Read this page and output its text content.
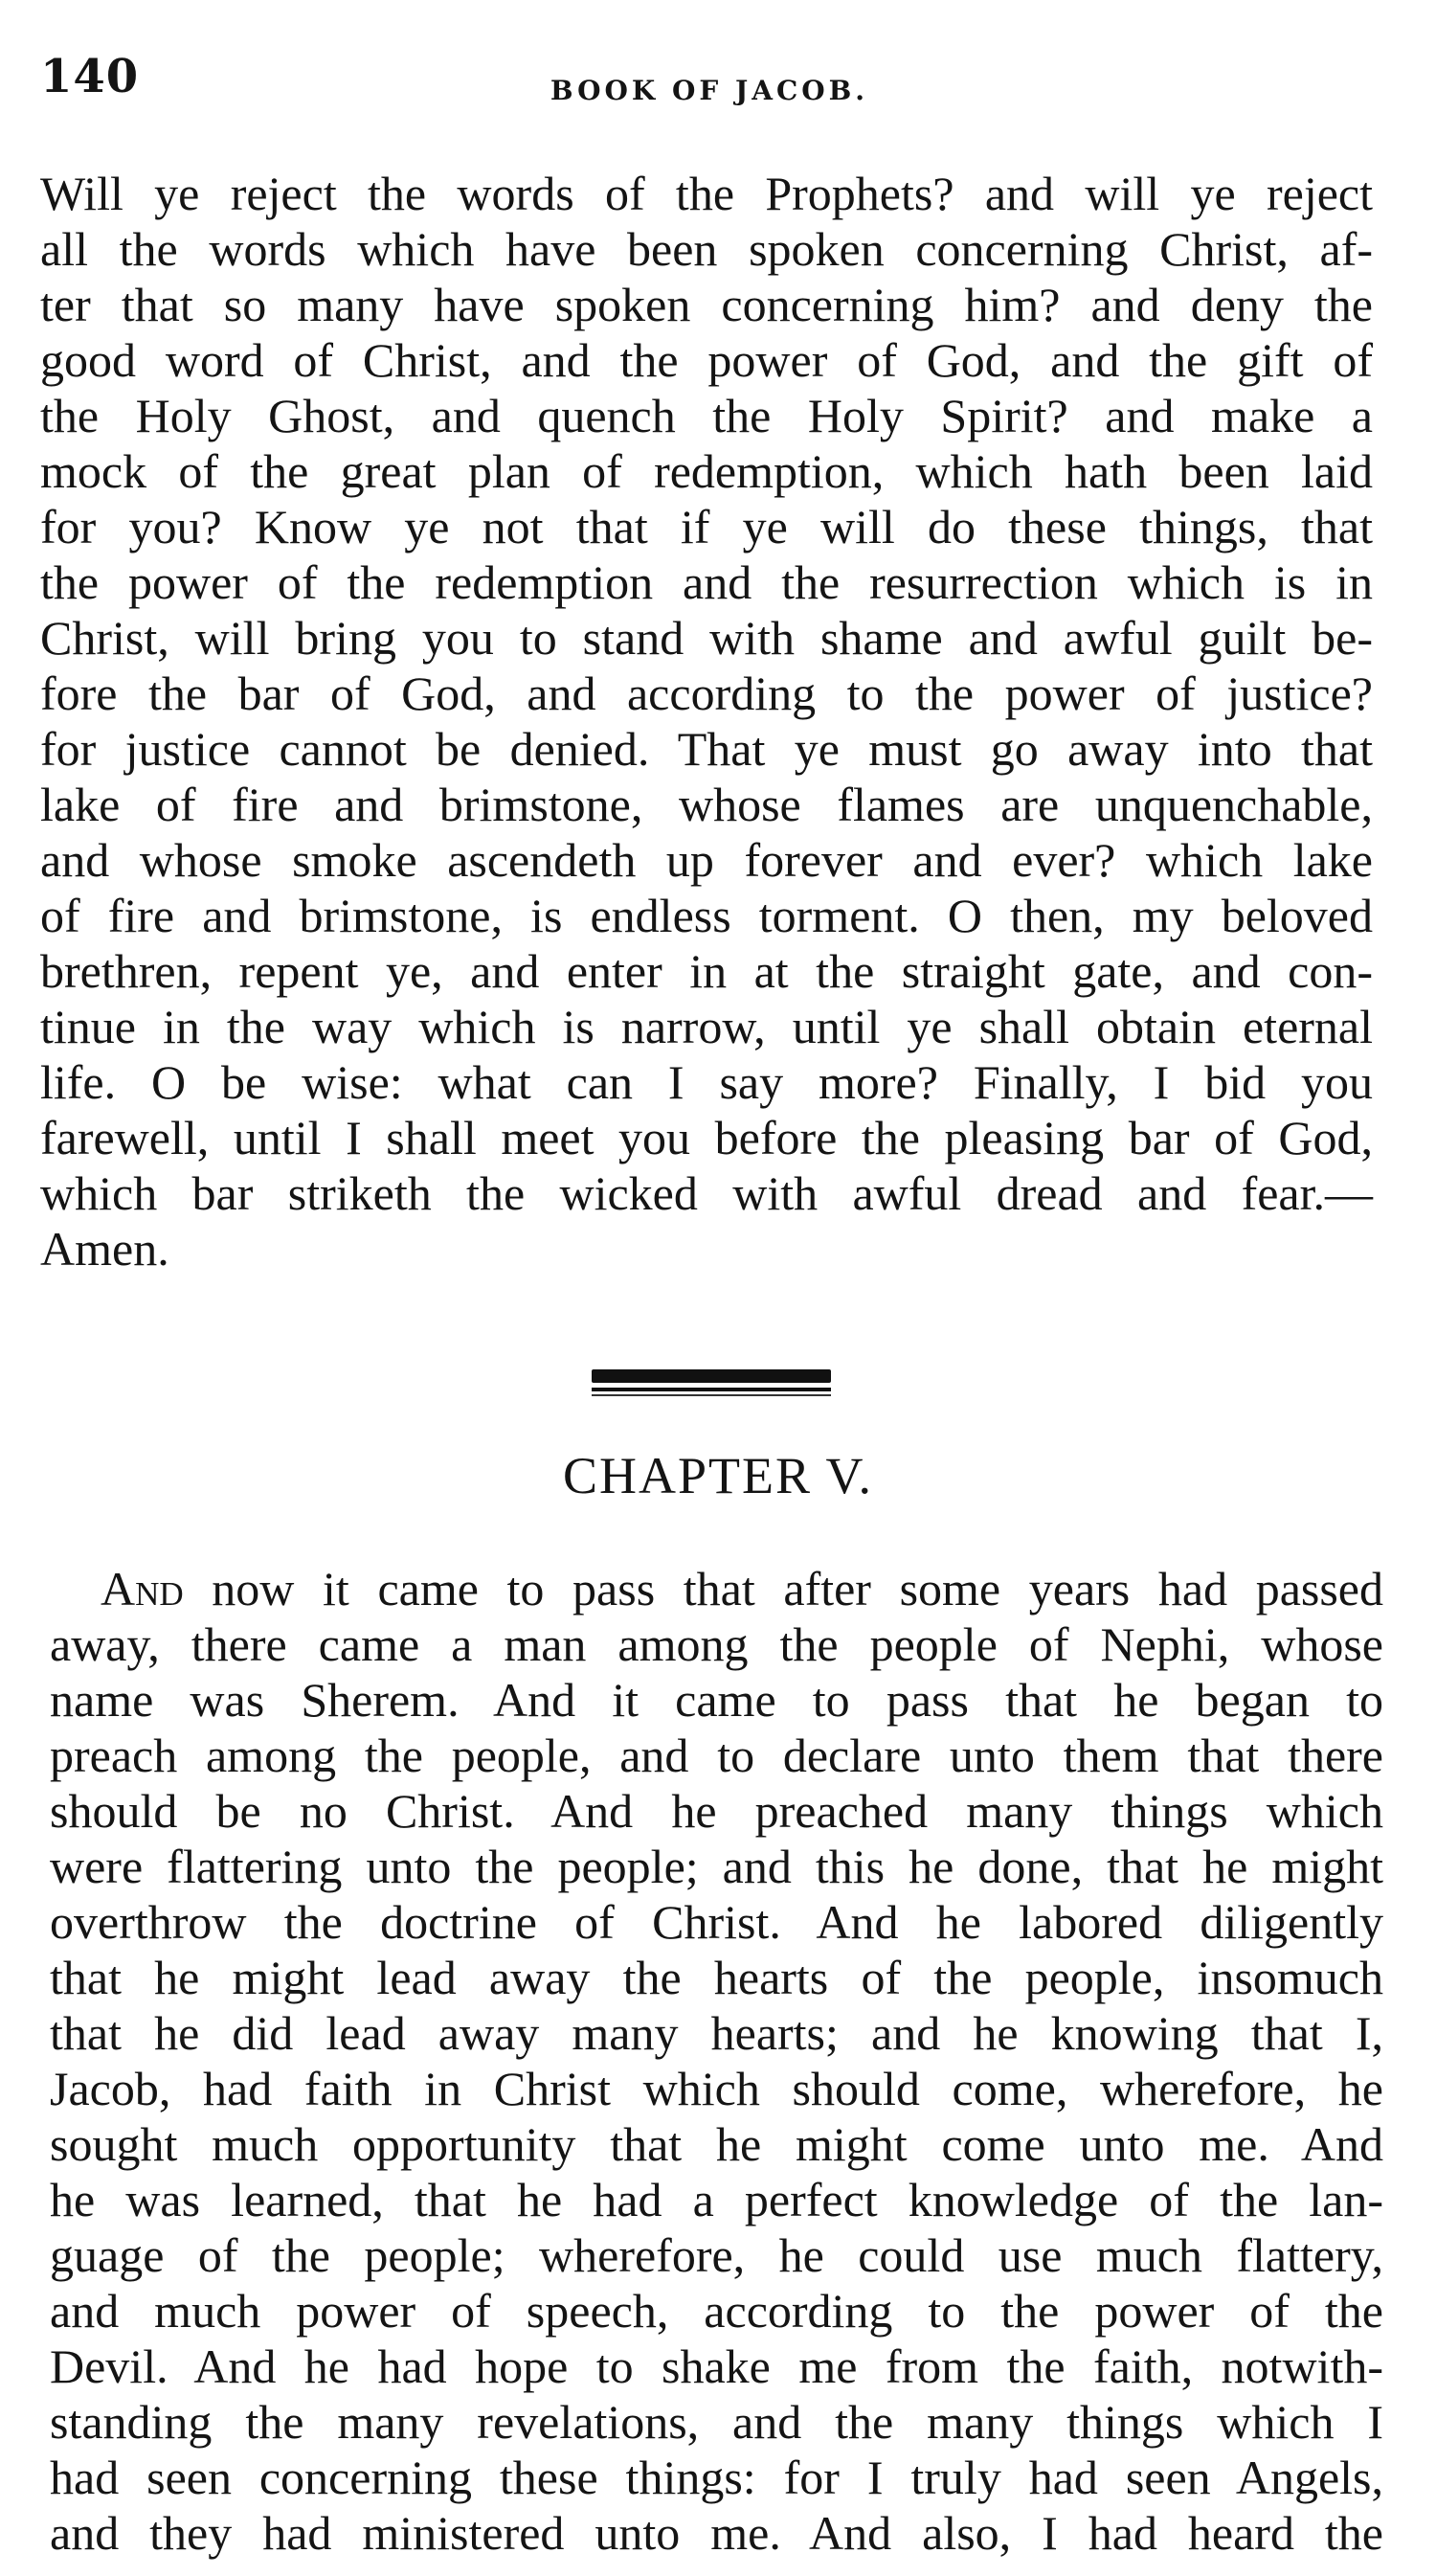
140	BOOK OF JACOB.
Will ye reject the words of the Prophets? and will ye reject
all the words which have been spoken concerning Christ, af-
ter that so many have spoken concerning him? and deny the
good word of Christ, and the power of God, and the gift of
the Holy Ghost, and quench the Holy Spirit? and make a
mock of the great plan of redemption, which hath been laid
for you? Know ye not that if ye will do these things, that
the power of the redemption and the resurrection which is in
Christ, will bring you to stand with shame and awful guilt be-
fore the bar of God, and according to the power of justice?
for justice cannot be denied. That ye must go away into that
lake of fire and brimstone, whose flames are unquenchable,
and whose smoke ascendeth up forever and ever? which lake
of fire and brimstone, is endless torment. O then, my beloved
brethren, repent ye, and enter in at the straight gate, and con-
tinue in the way which is narrow, until ye shall obtain eternal
life. O be wise: what can I say more? Finally, I bid you
farewell, until I shall meet you before the pleasing bar of God,
which bar striketh the wicked with awful dread and fear.—
Amen.
CHAPTER V.
And now it came to pass that after some years had passed
away, there came a man among the people of Nephi, whose
name was Sherem. And it came to pass that he began to
preach among the people, and to declare unto them that there
should be no Christ. And he preached many things which
were flattering unto the people; and this he done, that he might
overthrow the doctrine of Christ. And he labored diligently
that he might lead away the hearts of the people, insomuch
that he did lead away many hearts; and he knowing that I,
Jacob, had faith in Christ which should come, wherefore, he
sought much opportunity that he might come unto me. And
he was learned, that he had a perfect knowledge of the lan-
guage of the people; wherefore, he could use much flattery,
and much power of speech, according to the power of the
Devil. And he had hope to shake me from the faith, notwith-
standing the many revelations, and the many things which I
had seen concerning these things: for I truly had seen Angels,
and they had ministered unto me. And also, I had heard the
